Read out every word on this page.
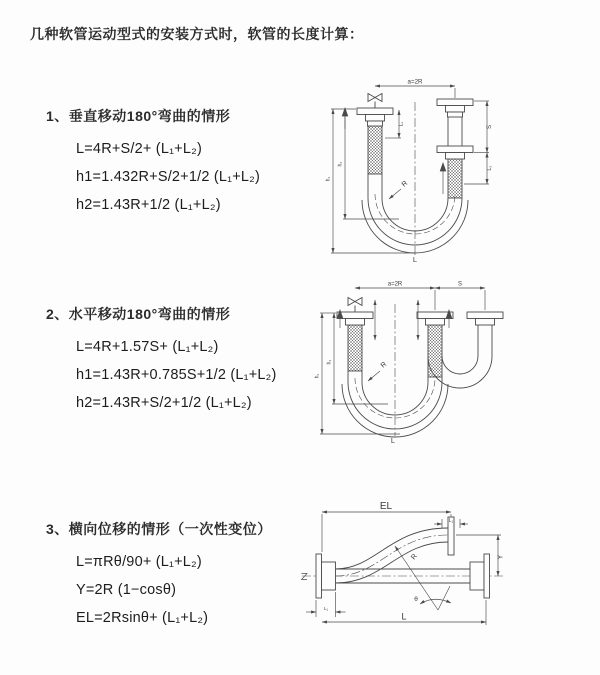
几种软管运动型式的安装方式时，软管的长度计算：
1、垂直移动180°弯曲的情形
L=4R+S/2+ (L₁+L₂)
h1=1.432R+S/2+1/2 (L₁+L₂)
h2=1.43R+1/2 (L₁+L₂)
2、水平移动180°弯曲的情形
L=4R+1.57S+ (L₁+L₂)
h1=1.43R+0.785S+1/2 (L₁+L₂)
h2=1.43R+S/2+1/2 (L₁+L₂)
3、横向位移的情形（一次性变位）
L=πRθ/90+ (L₁+L₂)
Y=2R (1−cosθ)
EL=2Rsinθ+ (L₁+L₂)
a=2R
L₁
S
L₂
h₁
h₂
R
L
a=2R	S
h₁
h₂	R
L
EL
L₁
Y
θ
R
L₁
L
